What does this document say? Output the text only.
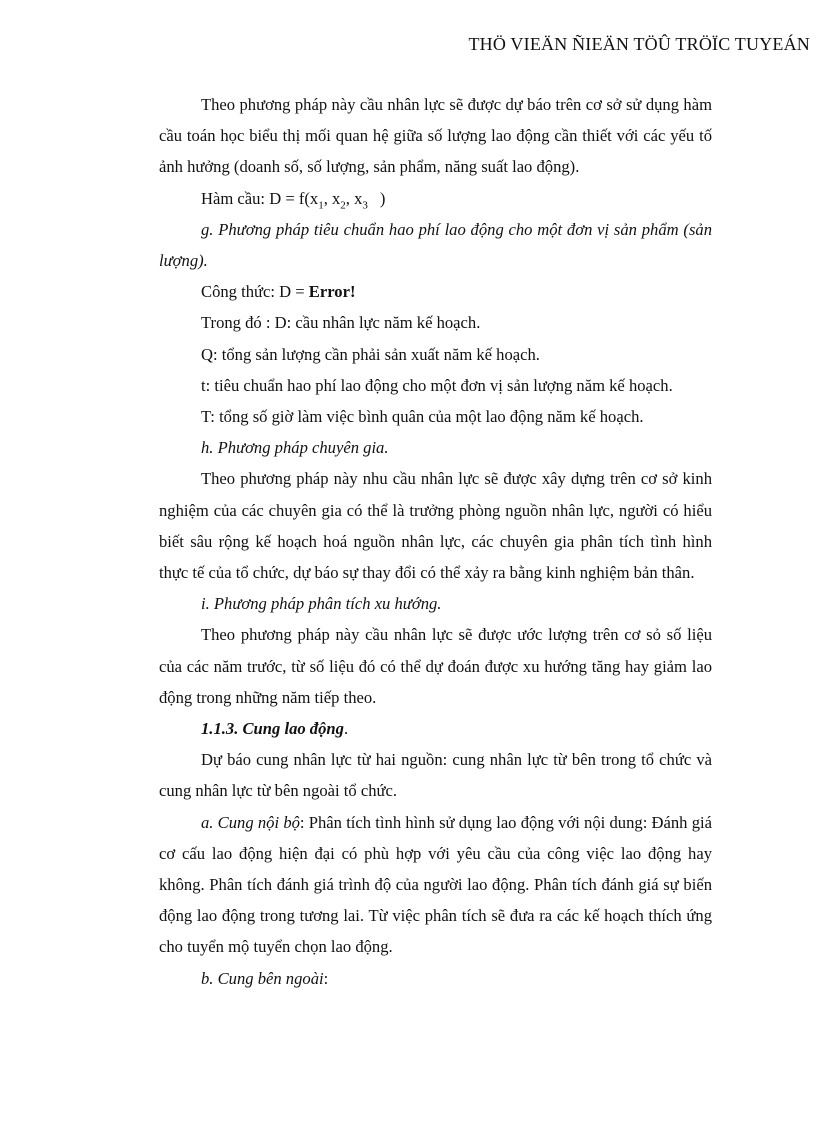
THÖ VIEÄN ÑIEÄN TÖÛ TRÖÏC TUYEÁN

Theo phương pháp này cầu nhân lực sẽ được dự báo trên cơ sở sử dụng hàm cầu toán học biểu thị mối quan hệ giữa số lượng lao động cần thiết với các yếu tố ảnh hưởng (doanh số, số lượng, sản phẩm, năng suất lao động).

Hàm cầu: $D = f(x_1$, $x_2$, $x_3$ )

g. Phương pháp tiêu chuẩn hao phí lao động cho một đơn vị sản phẩm (sản lượng).

Công thức: D = Error!

Trong đó : D: cầu nhân lực năm kế hoạch.

Q: tổng sản lượng cần phải sản xuất năm kế hoạch.

t: tiêu chuẩn hao phí lao động cho một đơn vị sản lượng năm kế hoạch.

T: tổng số giờ làm việc bình quân của một lao động năm kế hoạch.

h. Phương pháp chuyên gia.

Theo phương pháp này nhu cầu nhân lực sẽ được xây dựng trên cơ sở kinh nghiệm của các chuyên gia có thể là trưởng phòng nguồn nhân lực, người có hiểu biết sâu rộng kế hoạch hoá nguồn nhân lực, các chuyên gia phân tích tình hình thực tế của tổ chức, dự báo sự thay đổi có thể xảy ra bằng kinh nghiệm bản thân.

i. Phương pháp phân tích xu hướng.

Theo phương pháp này cầu nhân lực sẽ được ước lượng trên cơ sỏ số liệu của các năm trước, từ số liệu đó có thể dự đoán được xu hướng tăng hay giảm lao động trong những năm tiếp theo.

1.1.3. Cung lao động.

Dự báo cung nhân lực từ hai nguồn: cung nhân lực từ bên trong tổ chức và cung nhân lực từ bên ngoài tổ chức.

a. Cung nội bộ: Phân tích tình hình sử dụng lao động với nội dung: Đánh giá cơ cấu lao động hiện đại có phù hợp với yêu cầu của công việc lao động hay không. Phân tích đánh giá trình độ của người lao động. Phân tích đánh giá sự biến động lao động trong tương lai. Từ việc phân tích sẽ đưa ra các kế hoạch thích ứng cho tuyển mộ tuyển chọn lao động.

b. Cung bên ngoài:
